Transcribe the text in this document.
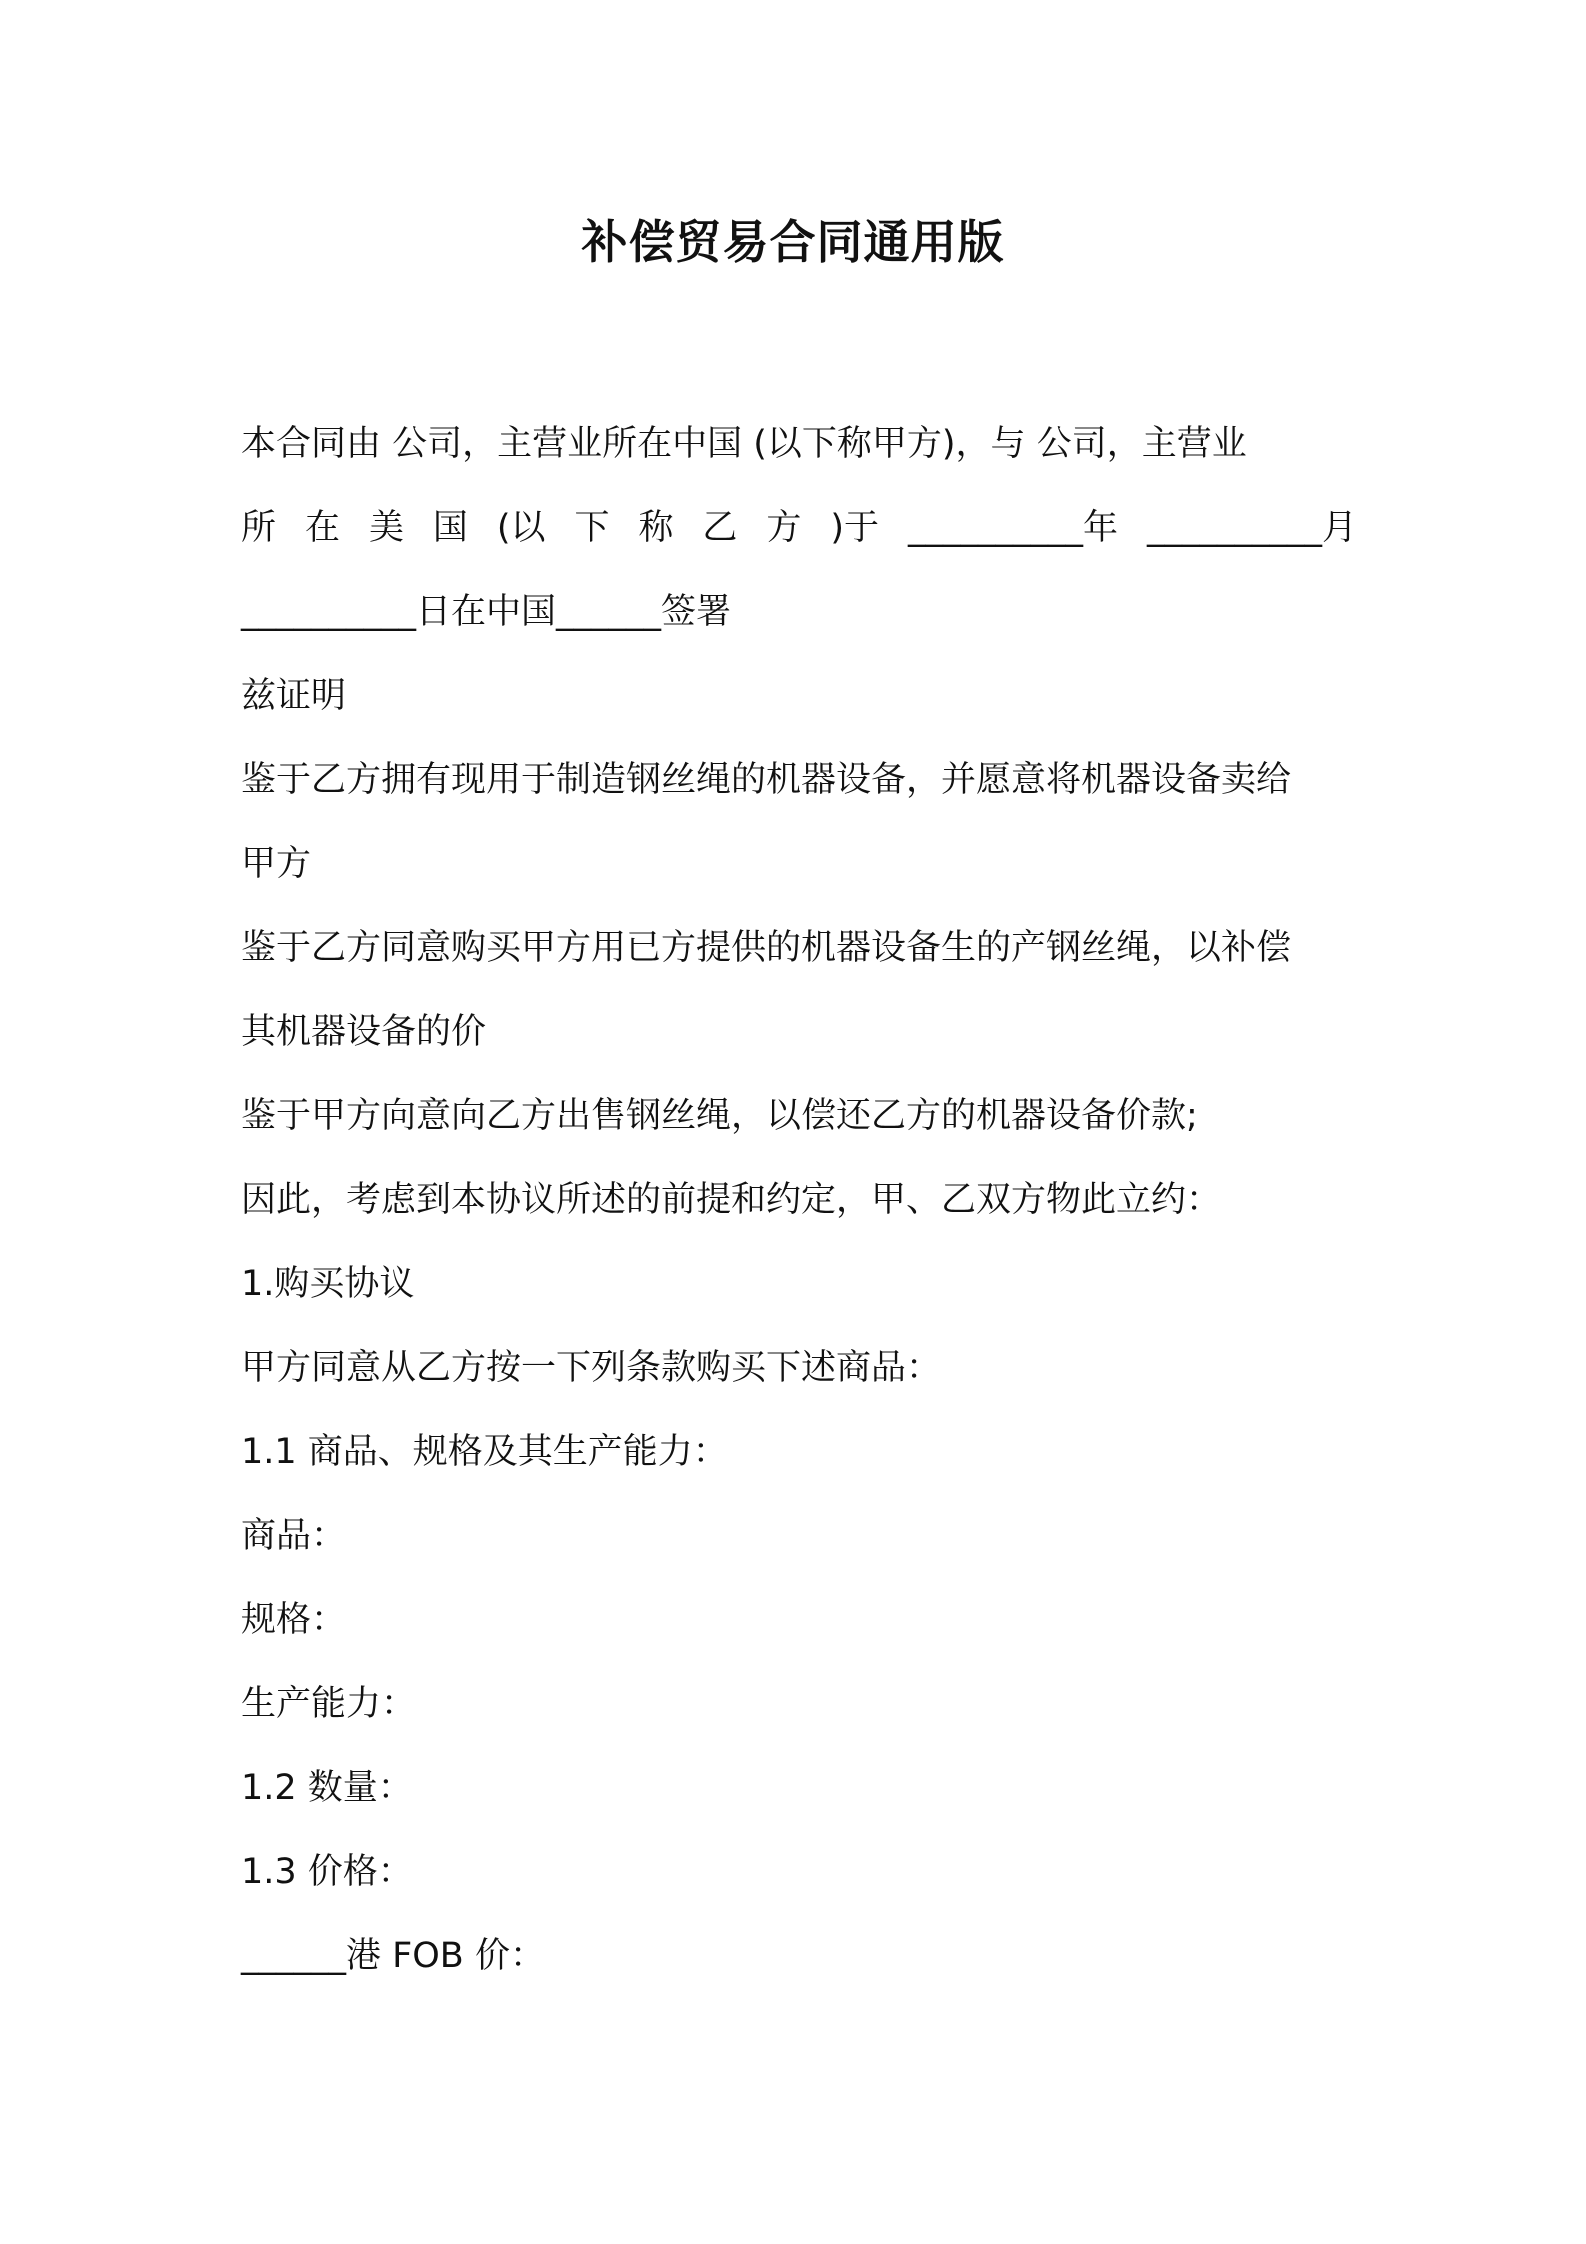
补偿贸易合同通用版
本合同由 公司，主营业所在中国 (以下称甲方)，与 公司，主营业
所 在 美 国 (以 下 称 乙 方 )于 __________年 __________月
__________日在中国______签署
兹证明
鉴于乙方拥有现用于制造钢丝绳的机器设备，并愿意将机器设备卖给
甲方
鉴于乙方同意购买甲方用已方提供的机器设备生的产钢丝绳，以补偿
其机器设备的价
鉴于甲方向意向乙方出售钢丝绳，以偿还乙方的机器设备价款;
因此，考虑到本协议所述的前提和约定，甲、乙双方物此立约：
1.购买协议
甲方同意从乙方按一下列条款购买下述商品：
1.1 商品、规格及其生产能力：
商品：
规格：
生产能力：
1.2 数量：
1.3 价格：
______港 FOB 价：
